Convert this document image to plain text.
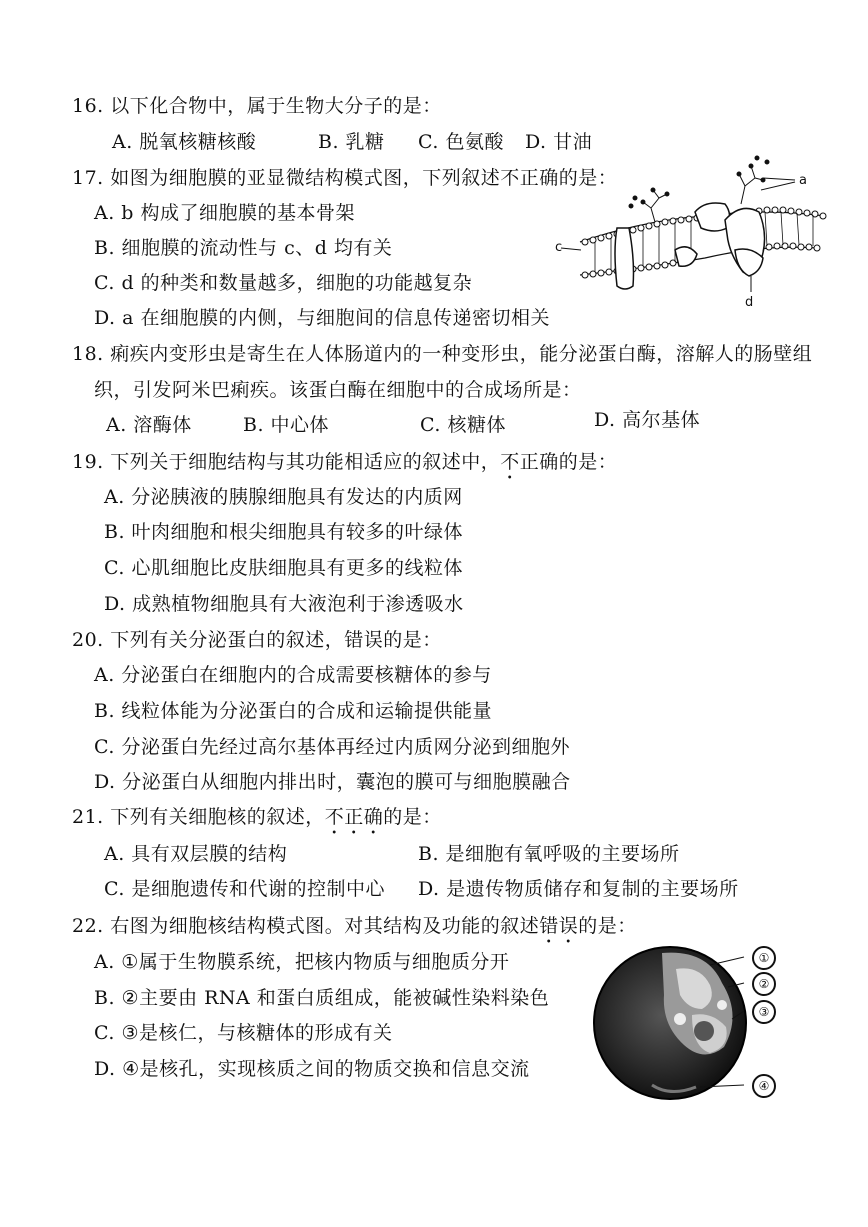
16. 以下化合物中，属于生物大分子的是：
A. 脱氧核糖核酸	B. 乳糖 C. 色氨酸 D. 甘油
17. 如图为细胞膜的亚显微结构模式图，下列叙述不正确的是：
A. b 构成了细胞膜的基本骨架
B. 细胞膜的流动性与 c、d 均有关
C. d 的种类和数量越多，细胞的功能越复杂
D. a 在细胞膜的内侧，与细胞间的信息传递密切相关
a
c
d
18. 痢疾内变形虫是寄生在人体肠道内的一种变形虫，能分泌蛋白酶，溶解人的肠壁组
织，引发阿米巴痢疾。该蛋白酶在细胞中的合成场所是：
A. 溶酶体	B. 中心体	C. 核糖体	D. 高尔基体
19. 下列关于细胞结构与其功能相适应的叙述中，不正确的是：
A. 分泌胰液的胰腺细胞具有发达的内质网
B. 叶肉细胞和根尖细胞具有较多的叶绿体
C. 心肌细胞比皮肤细胞具有更多的线粒体
D. 成熟植物细胞具有大液泡利于渗透吸水
20. 下列有关分泌蛋白的叙述，错误的是：
A. 分泌蛋白在细胞内的合成需要核糖体的参与
B. 线粒体能为分泌蛋白的合成和运输提供能量
C. 分泌蛋白先经过高尔基体再经过内质网分泌到细胞外
D. 分泌蛋白从细胞内排出时，囊泡的膜可与细胞膜融合
21. 下列有关细胞核的叙述，不正确的是：
A. 具有双层膜的结构	B. 是细胞有氧呼吸的主要场所
C. 是细胞遗传和代谢的控制中心 D. 是遗传物质储存和复制的主要场所
22. 右图为细胞核结构模式图。对其结构及功能的叙述错误的是：
A. ①属于生物膜系统，把核内物质与细胞质分开
B. ②主要由 RNA 和蛋白质组成，能被碱性染料染色
C. ③是核仁，与核糖体的形成有关
D. ④是核孔，实现核质之间的物质交换和信息交流
①
②
③
④
